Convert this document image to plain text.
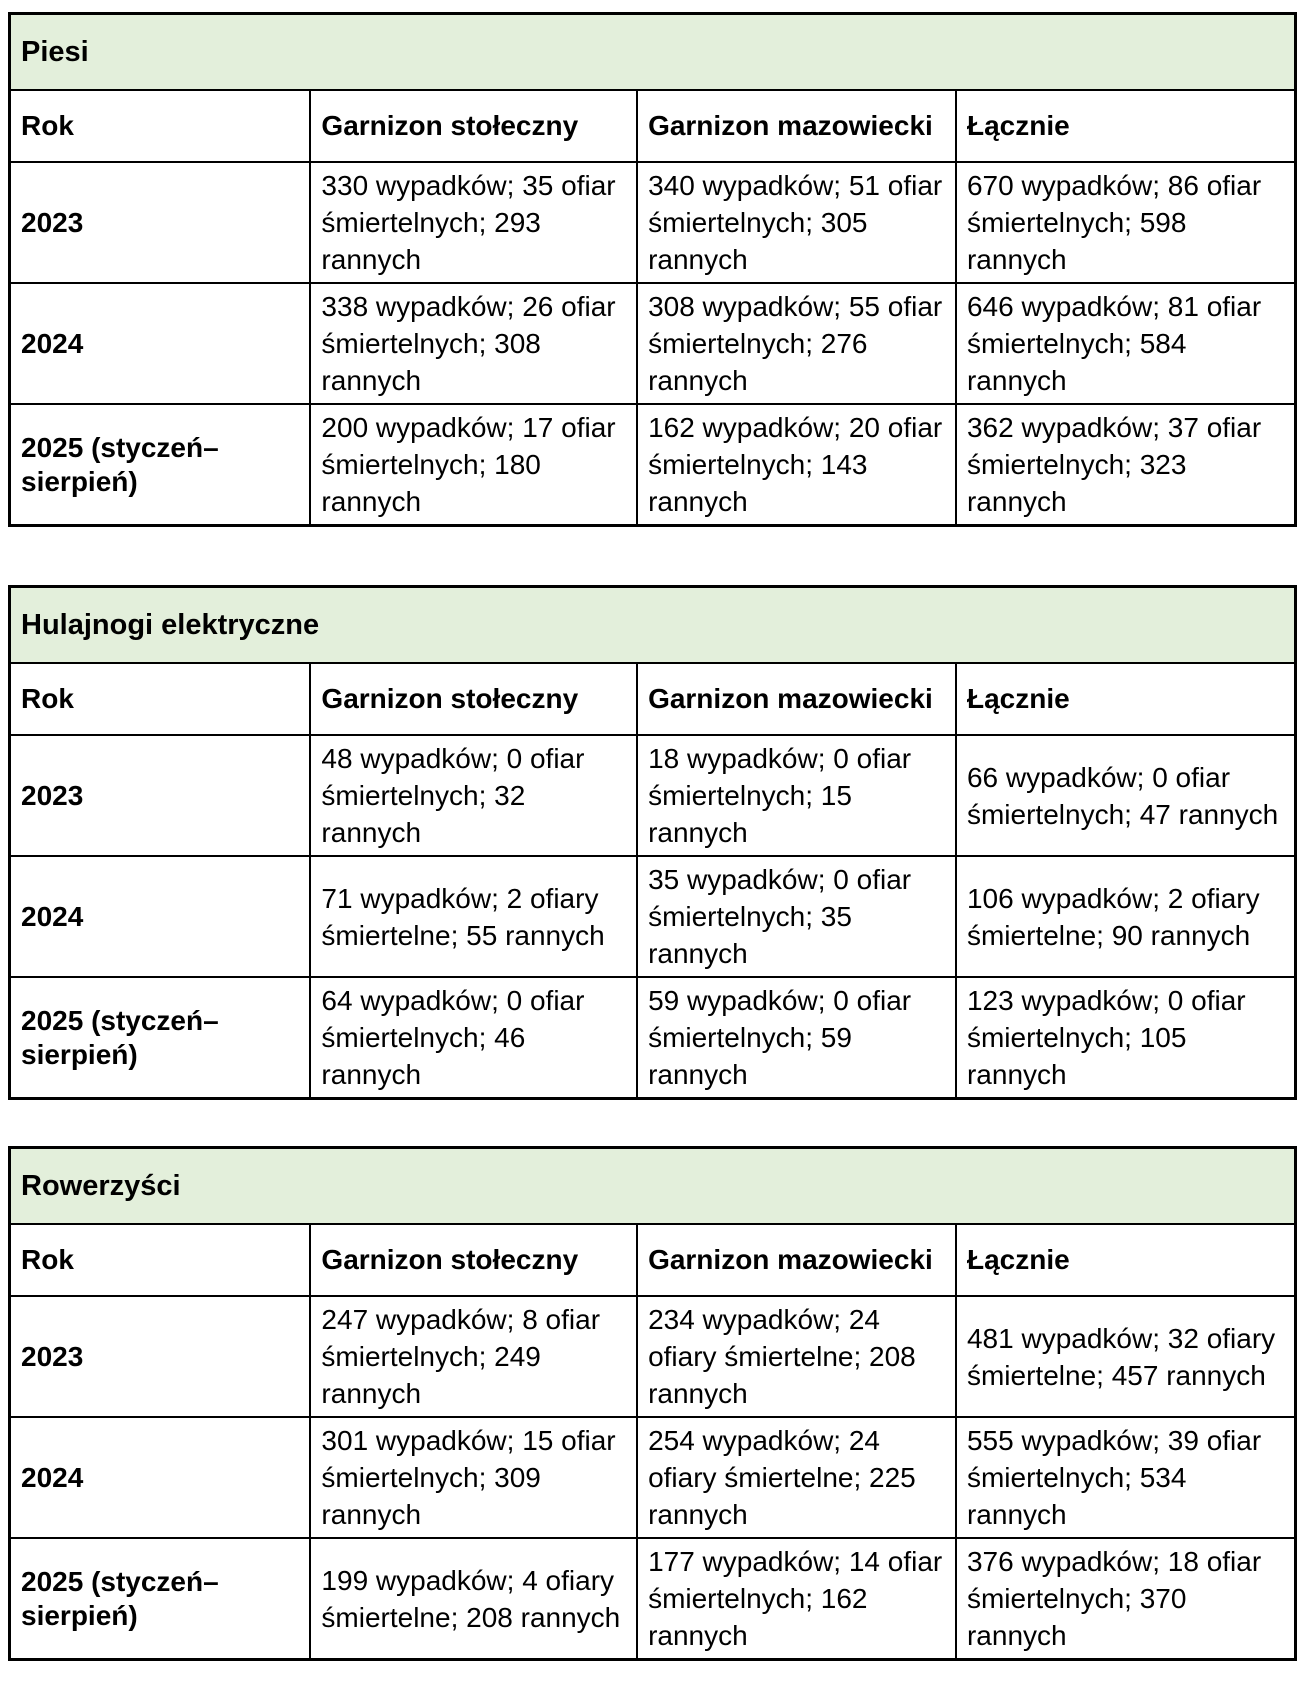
Piesi			
Rok	Garnizon stołeczny	Garnizon mazowiecki	Łącznie
2023	330 wypadków; 35 ofiar śmiertelnych; 293 rannych	340 wypadków; 51 ofiar śmiertelnych; 305 rannych	670 wypadków; 86 ofiar śmiertelnych; 598 rannych
2024	338 wypadków; 26 ofiar śmiertelnych; 308 rannych	308 wypadków; 55 ofiar śmiertelnych; 276 rannych	646 wypadków; 81 ofiar śmiertelnych; 584 rannych
2025 (styczeń–sierpień)	200 wypadków; 17 ofiar śmiertelnych; 180 rannych	162 wypadków; 20 ofiar śmiertelnych; 143 rannych	362 wypadków; 37 ofiar śmiertelnych; 323 rannych
Hulajnogi elektryczne			
Rok	Garnizon stołeczny	Garnizon mazowiecki	Łącznie
2023	48 wypadków; 0 ofiar śmiertelnych; 32 rannych	18 wypadków; 0 ofiar śmiertelnych; 15 rannych	66 wypadków; 0 ofiar śmiertelnych; 47 rannych
2024	71 wypadków; 2 ofiary śmiertelne; 55 rannych	35 wypadków; 0 ofiar śmiertelnych; 35 rannych	106 wypadków; 2 ofiary śmiertelne; 90 rannych
2025 (styczeń–sierpień)	64 wypadków; 0 ofiar śmiertelnych; 46 rannych	59 wypadków; 0 ofiar śmiertelnych; 59 rannych	123 wypadków; 0 ofiar śmiertelnych; 105 rannych
Rowerzyści			
Rok	Garnizon stołeczny	Garnizon mazowiecki	Łącznie
2023	247 wypadków; 8 ofiar śmiertelnych; 249 rannych	234 wypadków; 24 ofiary śmiertelne; 208 rannych	481 wypadków; 32 ofiary śmiertelne; 457 rannych
2024	301 wypadków; 15 ofiar śmiertelnych; 309 rannych	254 wypadków; 24 ofiary śmiertelne; 225 rannych	555 wypadków; 39 ofiar śmiertelnych; 534 rannych
2025 (styczeń–sierpień)	199 wypadków; 4 ofiary śmiertelne; 208 rannych	177 wypadków; 14 ofiar śmiertelnych; 162 rannych	376 wypadków; 18 ofiar śmiertelnych; 370 rannych
